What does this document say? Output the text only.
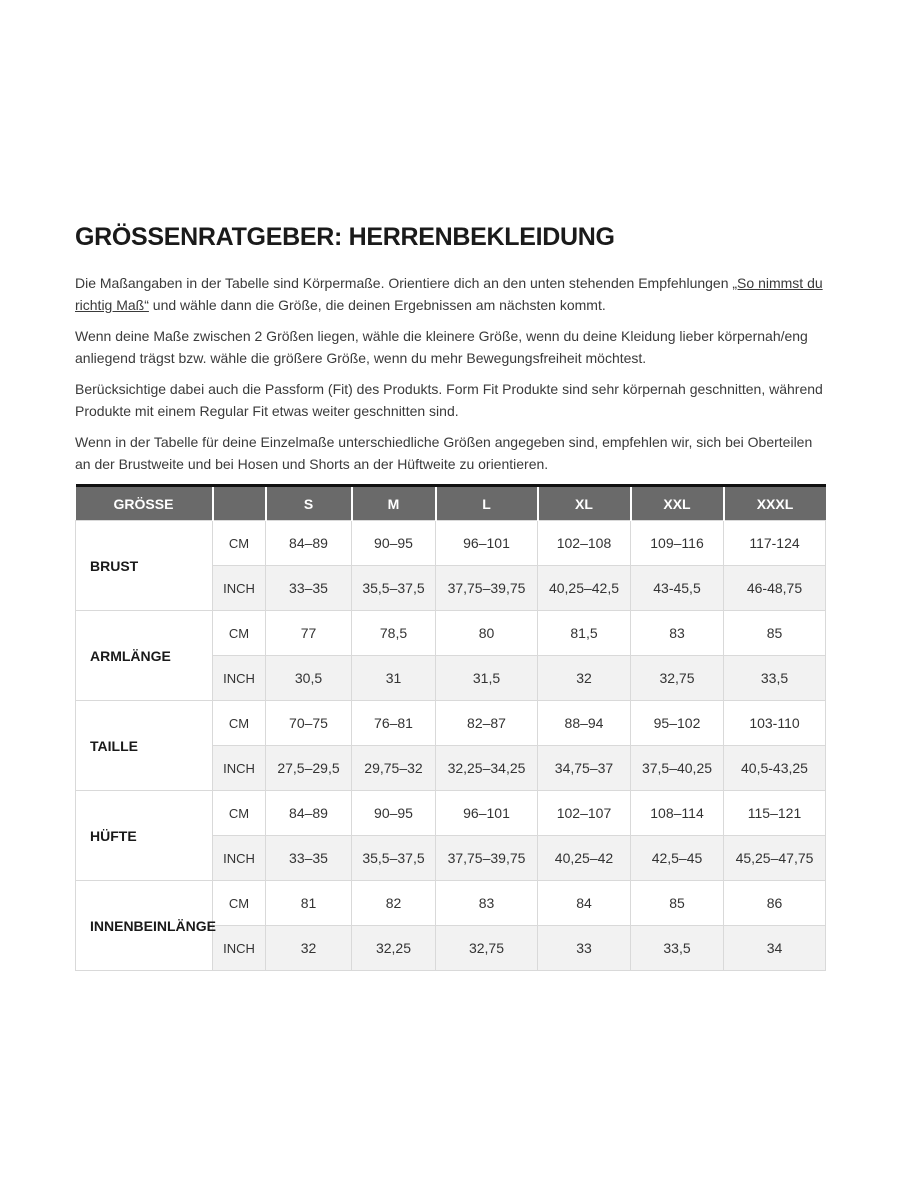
GRÖSSENRATGEBER: HERRENBEKLEIDUNG

Die Maßangaben in der Tabelle sind Körpermaße. Orientiere dich an den unten stehenden Empfehlungen „So nimmst du richtig Maß“ und wähle dann die Größe, die deinen Ergebnissen am nächsten kommt.

Wenn deine Maße zwischen 2 Größen liegen, wähle die kleinere Größe, wenn du deine Kleidung lieber körpernah/eng anliegend trägst bzw. wähle die größere Größe, wenn du mehr Bewegungsfreiheit möchtest.

Berücksichtige dabei auch die Passform (Fit) des Produkts. Form Fit Produkte sind sehr körpernah geschnitten, während Produkte mit einem Regular Fit etwas weiter geschnitten sind.

Wenn in der Tabelle für deine Einzelmaße unterschiedliche Größen angegeben sind, empfehlen wir, sich bei Oberteilen an der Brustweite und bei Hosen und Shorts an der Hüftweite zu orientieren.

GRÖSSE		S	M	L	XL	XXL	XXXL
BRUST	CM	84–89	90–95	96–101	102–108	109–116	117-124
	INCH	33–35	35,5–37,5	37,75–39,75	40,25–42,5	43-45,5	46-48,75
ARMLÄNGE	CM	77	78,5	80	81,5	83	85
	INCH	30,5	31	31,5	32	32,75	33,5
TAILLE	CM	70–75	76–81	82–87	88–94	95–102	103-110
	INCH	27,5–29,5	29,75–32	32,25–34,25	34,75–37	37,5–40,25	40,5-43,25
HÜFTE	CM	84–89	90–95	96–101	102–107	108–114	115–121
	INCH	33–35	35,5–37,5	37,75–39,75	40,25–42	42,5–45	45,25–47,75
INNENBEINLÄNGE	CM	81	82	83	84	85	86
	INCH	32	32,25	32,75	33	33,5	34
